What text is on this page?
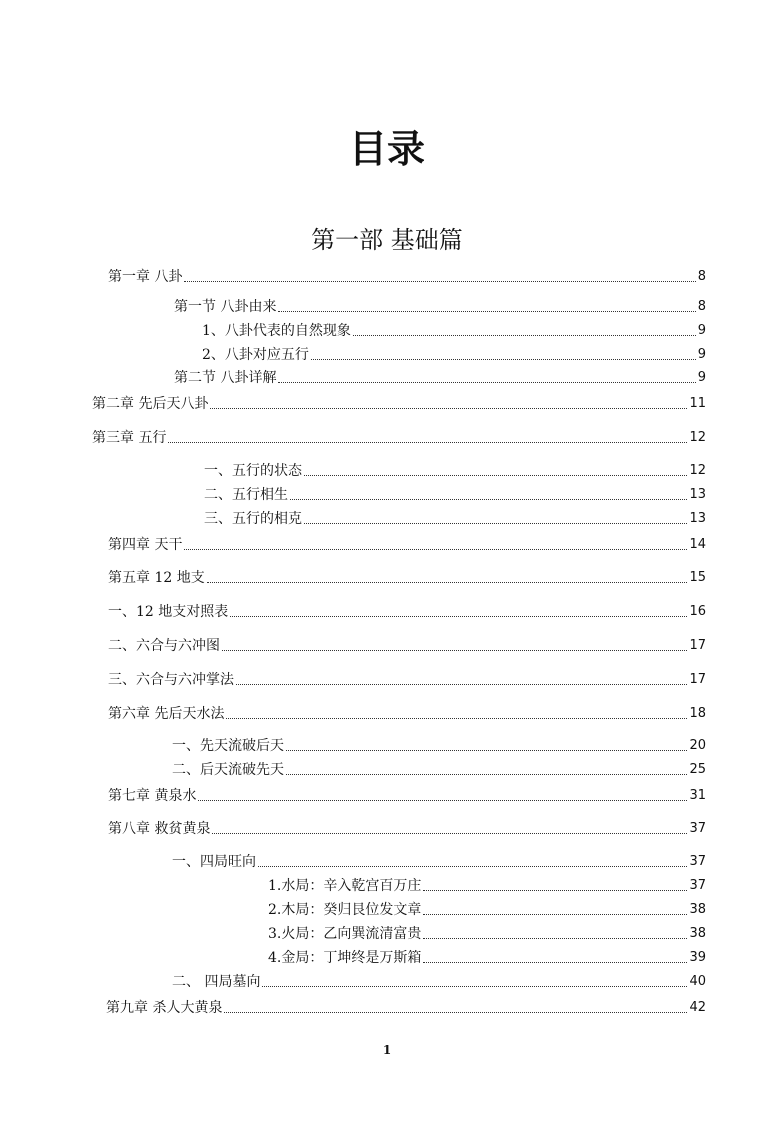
目录
第一部 基础篇
第一章 八卦	8
第一节 八卦由来	8
1、八卦代表的自然现象	9
2、八卦对应五行	9
第二节 八卦详解	9
第二章 先后天八卦	11
第三章 五行	12
一、五行的状态	12
二、五行相生	13
三、五行的相克	13
第四章 天干	14
第五章 12 地支	15
一、12 地支对照表	16
二、六合与六冲图	17
三、六合与六冲掌法	17
第六章 先后天水法	18
一、先天流破后天	20
二、后天流破先天	25
第七章 黄泉水	31
第八章 救贫黄泉	37
一、四局旺向	37
1.水局：辛入乾宫百万庄	37
2.木局：癸归艮位发文章	38
3.火局：乙向巽流清富贵	38
4.金局：丁坤终是万斯箱	39
二、 四局墓向	40
第九章 杀人大黄泉	42
1
